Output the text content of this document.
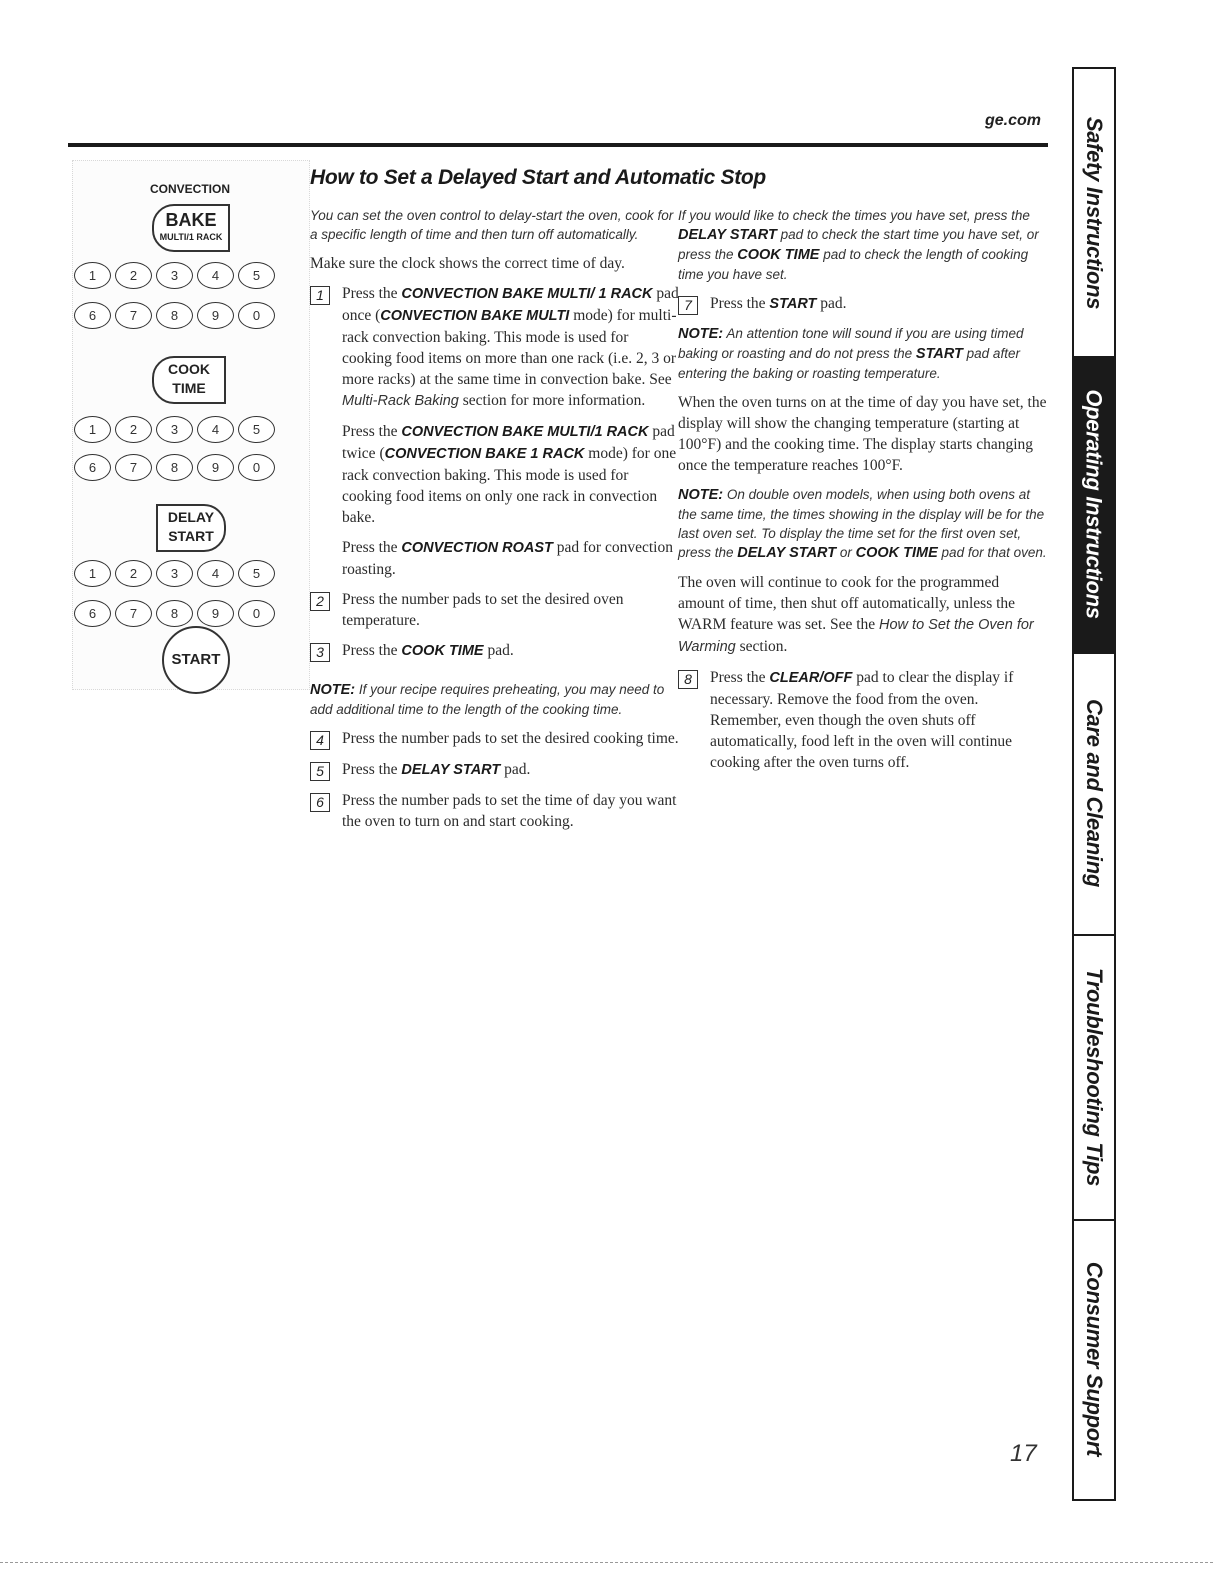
ge.com
How to Set a Delayed Start and Automatic Stop
CONVECTION
BAKE
MULTI/1 RACK
1	2	3	4	5
6	7	8	9	0
COOK
TIME
1	2	3	4	5
6	7	8	9	0
DELAY
START
1	2	3	4	5
6	7	8	9	0
START

You can set the oven control to delay-start the oven, cook for a specific length of time and then turn off automatically.

Make sure the clock shows the correct time of day.

1	Press the CONVECTION BAKE MULTI/ 1 RACK pad once (CONVECTION BAKE MULTI mode) for multi-rack convection baking. This mode is used for cooking food items on more than one rack (i.e. 2, 3 or more racks) at the same time in convection bake. See Multi-Rack Baking section for more information.

Press the CONVECTION BAKE MULTI/1 RACK pad twice (CONVECTION BAKE 1 RACK mode) for one rack convection baking. This mode is used for cooking food items on only one rack in convection bake.

Press the CONVECTION ROAST pad for convection roasting.

2	Press the number pads to set the desired oven temperature.
3	Press the COOK TIME pad.

NOTE: If your recipe requires preheating, you may need to add additional time to the length of the cooking time.

4	Press the number pads to set the desired cooking time.
5	Press the DELAY START pad.
6	Press the number pads to set the time of day you want the oven to turn on and start cooking.

If you would like to check the times you have set, press the DELAY START pad to check the start time you have set, or press the COOK TIME pad to check the length of cooking time you have set.

7	Press the START pad.

NOTE: An attention tone will sound if you are using timed baking or roasting and do not press the START pad after entering the baking or roasting temperature.

When the oven turns on at the time of day you have set, the display will show the changing temperature (starting at 100°F) and the cooking time. The display starts changing once the temperature reaches 100°F.

NOTE: On double oven models, when using both ovens at the same time, the times showing in the display will be for the last oven set. To display the time set for the first oven set, press the DELAY START or COOK TIME pad for that oven.

The oven will continue to cook for the programmed amount of time, then shut off automatically, unless the WARM feature was set. See the How to Set the Oven for Warming section.

8	Press the CLEAR/OFF pad to clear the display if necessary. Remove the food from the oven. Remember, even though the oven shuts off automatically, food left in the oven will continue cooking after the oven turns off.
Safety Instructions
Operating Instructions
Care and Cleaning
Troubleshooting Tips
Consumer Support
17
